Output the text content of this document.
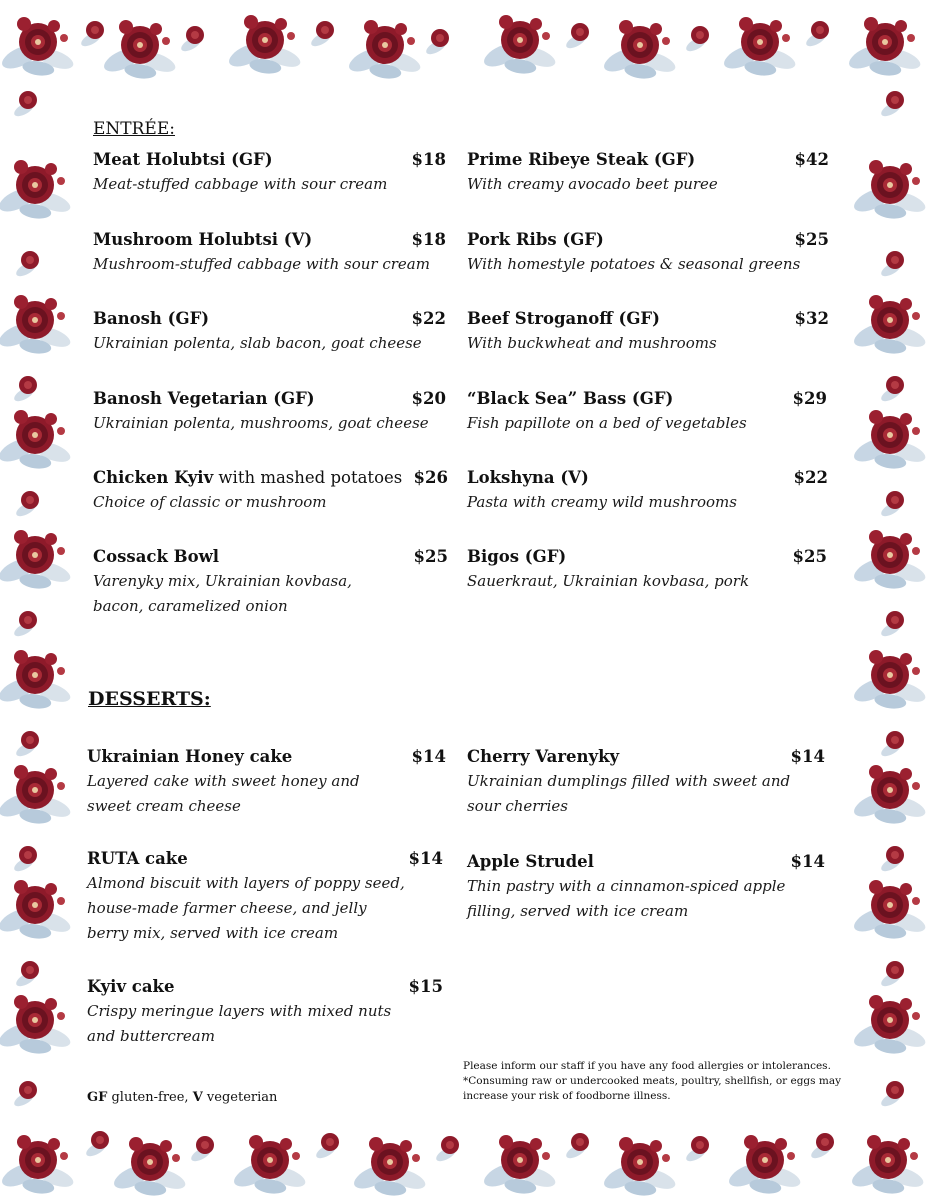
ENTRÉE:
DESSERTS:
Meat Holubtsi (GF)	$18
Meat-stuffed cabbage with sour cream
Mushroom Holubtsi (V)	$18
Mushroom-stuffed cabbage with sour cream
Banosh (GF)	$22
Ukrainian polenta, slab bacon, goat cheese
Banosh Vegetarian (GF)	$20
Ukrainian polenta, mushrooms, goat cheese
Chicken Kyiv with mashed potatoes $26
Choice of classic or mushroom
Cossack Bowl	$25
Varenyky mix, Ukrainian kovbasa, bacon, caramelized onion
Prime Ribeye Steak (GF)	$42
With creamy avocado beet puree
Pork Ribs (GF)	$25
With homestyle potatoes & seasonal greens
Beef Stroganoff (GF)	$32
With buckwheat and mushrooms
“Black Sea” Bass (GF)	$29
Fish papillote on a bed of vegetables
Lokshyna (V)	$22
Pasta with creamy wild mushrooms
Bigos (GF)	$25
Sauerkraut, Ukrainian kovbasa, pork
Ukrainian Honey cake	$14
Layered cake with sweet honey and sweet cream cheese
RUTA cake	$14
Almond biscuit with layers of poppy seed, house-made farmer cheese, and jelly berry mix, served with ice cream
Kyiv cake	$15
Crispy meringue layers with mixed nuts and buttercream
Cherry Varenyky	$14
Ukrainian dumplings filled with sweet and sour cherries
Apple Strudel	$14
Thin pastry with a cinnamon-spiced apple filling, served with ice cream
GF gluten-free, V vegeterian
Please inform our staff if you have any food allergies or intolerances.
*Consuming raw or undercooked meats, poultry, shellfish, or eggs may increase your risk of foodborne illness.
